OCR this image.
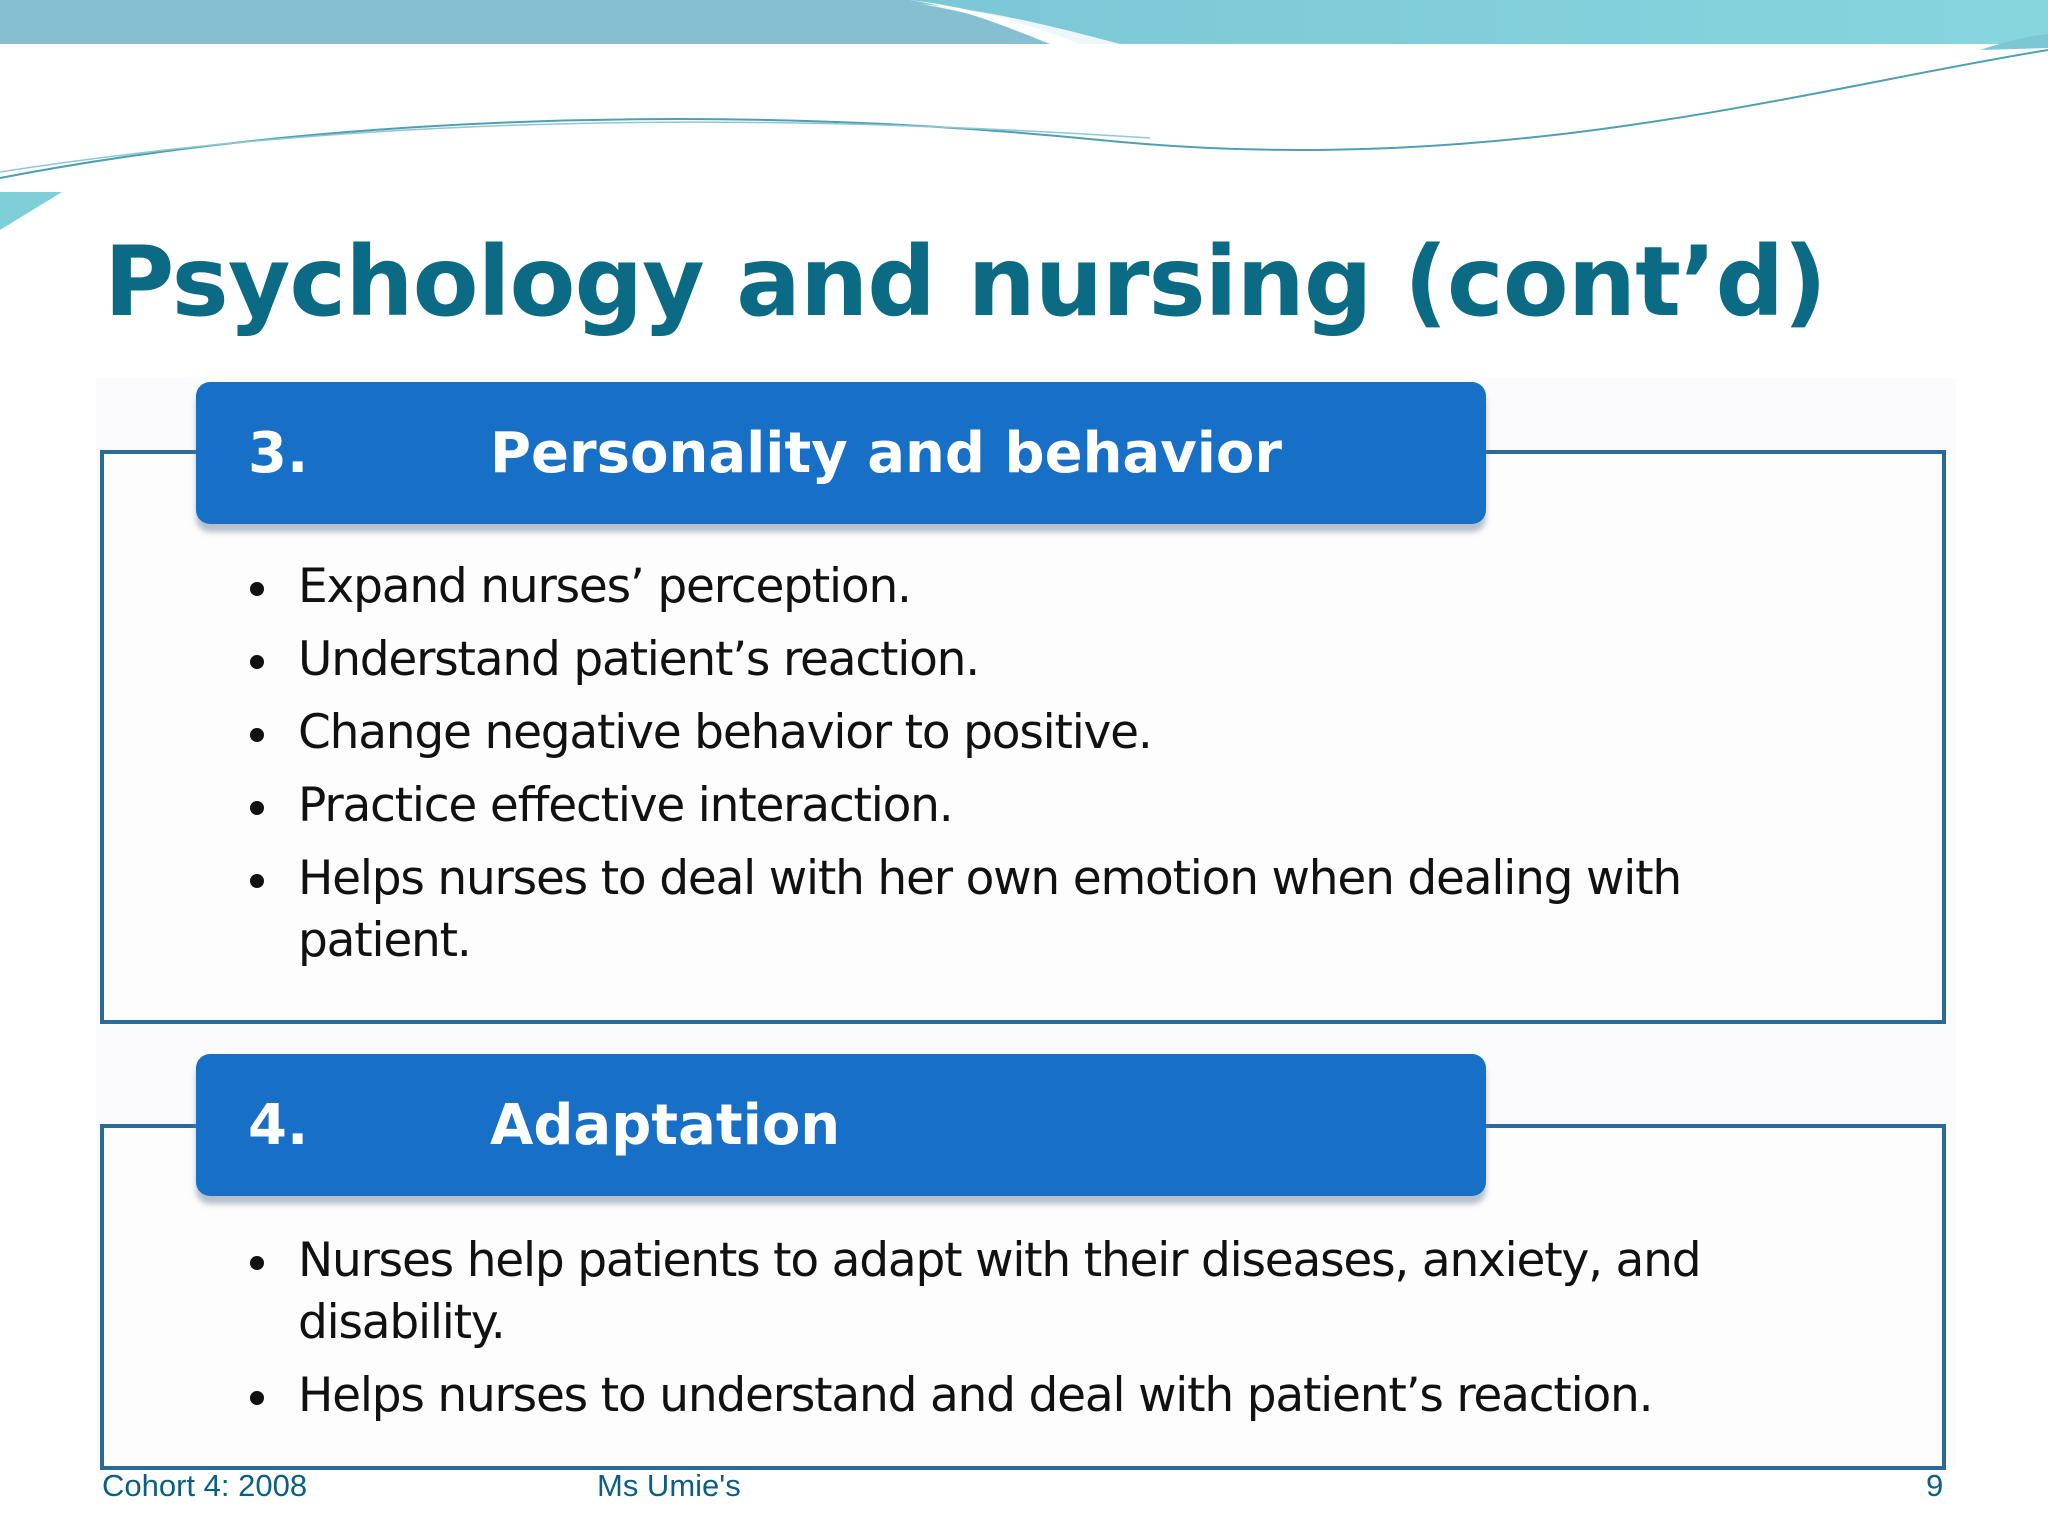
Psychology and nursing (cont’d)
3.	Personality and behavior
Expand nurses’ perception.
Understand patient’s reaction.
Change negative behavior to positive.
Practice effective interaction.
Helps nurses to deal with her own emotion when dealing with patient.
4.	Adaptation
Nurses help patients to adapt with their diseases, anxiety, and disability.
Helps nurses to understand and deal with patient’s reaction.
Cohort 4: 2008	Ms Umie's	9
